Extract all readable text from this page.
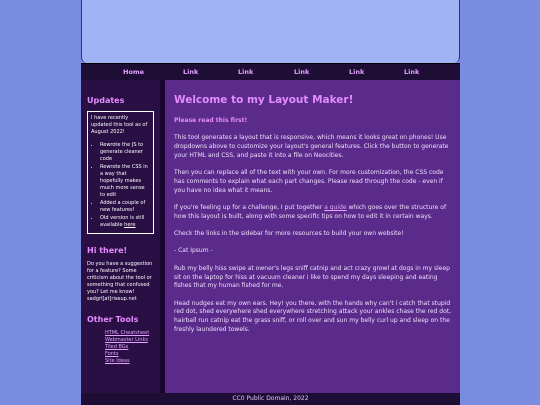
Home	Link	Link	Link	Link	Link
Updates

I have recently updated this tool as of August 2022!

• Rewrote the JS to generate cleaner code
• Rewrote the CSS in a way that hopefully makes much more sense to edit
• Added a couple of new features!
• Old version is still available here
Hi there!

Do you have a suggestion for a feature? Some criticism about the tool or something that confused you? Let me know! sadgrl[at]riseup.net

Other Tools
• HTML Cheatsheet
• Webmaster Links
• Tiled BGs
• Fonts
• Site Ideas
Welcome to my Layout Maker!

Please read this first!

This tool generates a layout that is responsive, which means it looks great on phones! Use dropdowns above to customize your layout's general features. Click the button to generate your HTML and CSS, and paste it into a file on Neocities.

Then you can replace all of the text with your own. For more customization, the CSS code has comments to explain what each part changes. Please read through the code - even if you have no idea what it means.

If you're feeling up for a challenge, I put together a guide which goes over the structure of how this layout is built, along with some specific tips on how to edit it in certain ways.

Check the links in the sidebar for more resources to build your own website!

- Cat Ipsum -

Rub my belly hiss swipe at owner's legs sniff catnip and act crazy growl at dogs in my sleep sit on the laptop for hiss at vacuum cleaner i like to spend my days sleeping and eating fishes that my human fished for me.

Head nudges eat my own ears. Hey! you there, with the hands why can't i catch that stupid red dot, shed everywhere shed everywhere stretching attack your ankles chase the red dot, hairball run catnip eat the grass sniff, or roll over and sun my belly curl up and sleep on the freshly laundered towels.

CC0 Public Domain, 2022
